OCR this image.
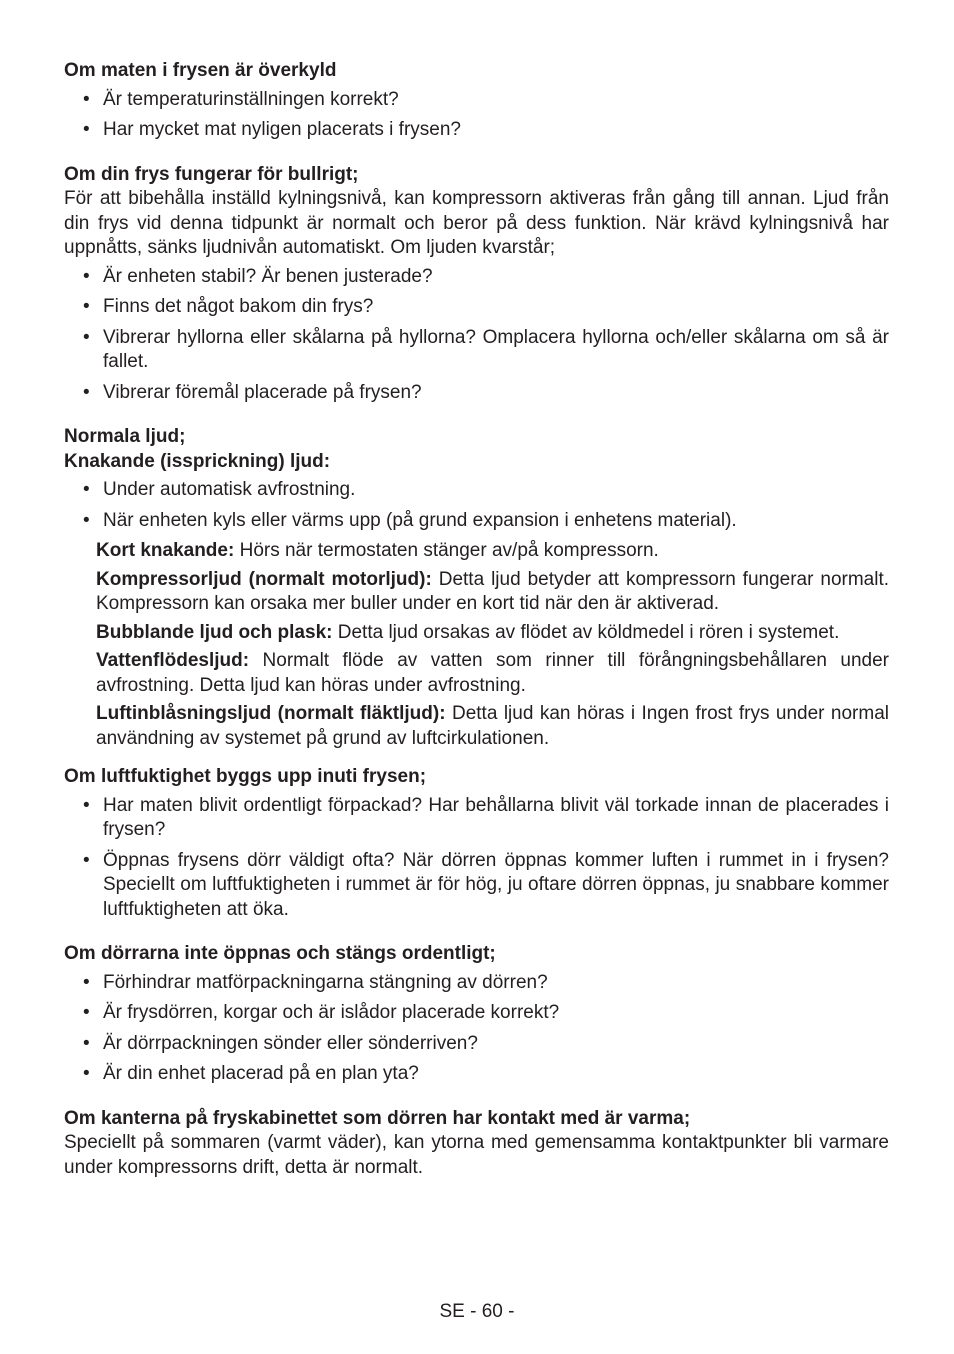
Om maten i frysen är överkyld

• Är temperaturinställningen korrekt?
• Har mycket mat nyligen placerats i frysen?

Om din frys fungerar för bullrigt;

För att bibehålla inställd kylningsnivå, kan kompressorn aktiveras från gång till annan. Ljud från din frys vid denna tidpunkt är normalt och beror på dess funktion. När krävd kylningsnivå har uppnåtts, sänks ljudnivån automatiskt. Om ljuden kvarstår;

• Är enheten stabil? Är benen justerade?
• Finns det något bakom din frys?
• Vibrerar hyllorna eller skålarna på hyllorna? Omplacera hyllorna och/eller skålarna om så är fallet.
• Vibrerar föremål placerade på frysen?

Normala ljud;

Knakande (issprickning) ljud:

• Under automatisk avfrostning.
• När enheten kyls eller värms upp (på grund expansion i enhetens material).

Kort knakande: Hörs när termostaten stänger av/på kompressorn.

Kompressorljud (normalt motorljud): Detta ljud betyder att kompressorn fungerar normalt. Kompressorn kan orsaka mer buller under en kort tid när den är aktiverad.

Bubblande ljud och plask: Detta ljud orsakas av flödet av köldmedel i rören i systemet.

Vattenflödesljud: Normalt flöde av vatten som rinner till förångningsbehållaren under avfrostning. Detta ljud kan höras under avfrostning.

Luftinblåsningsljud (normalt fläktljud): Detta ljud kan höras i Ingen frost frys under normal användning av systemet på grund av luftcirkulationen.

Om luftfuktighet byggs upp inuti frysen;

• Har maten blivit ordentligt förpackad? Har behållarna blivit väl torkade innan de placerades i frysen?
• Öppnas frysens dörr väldigt ofta? När dörren öppnas kommer luften i rummet in i frysen? Speciellt om luftfuktigheten i rummet är för hög, ju oftare dörren öppnas, ju snabbare kommer luftfuktigheten att öka.

Om dörrarna inte öppnas och stängs ordentligt;

• Förhindrar matförpackningarna stängning av dörren?
• Är frysdörren, korgar och är islådor placerade korrekt?
• Är dörrpackningen sönder eller sönderriven?
• Är din enhet placerad på en plan yta?

Om kanterna på fryskabinettet som dörren har kontakt med är varma;

Speciellt på sommaren (varmt väder), kan ytorna med gemensamma kontaktpunkter bli varmare under kompressorns drift, detta är normalt.

SE - 60 -
